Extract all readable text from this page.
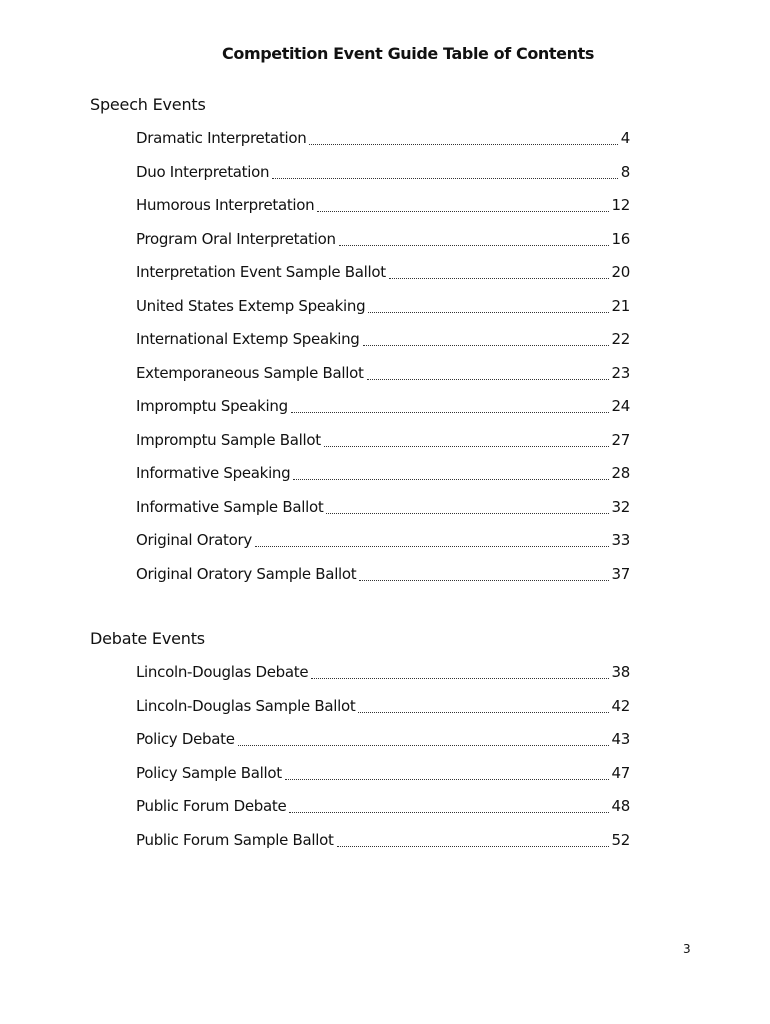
Competition Event Guide Table of Contents
Speech Events
Dramatic Interpretation	4
Duo Interpretation	8
Humorous Interpretation	12
Program Oral Interpretation	16
Interpretation Event Sample Ballot	20
United States Extemp Speaking	21
International Extemp Speaking	22
Extemporaneous Sample Ballot	23
Impromptu Speaking	24
Impromptu Sample Ballot	27
Informative Speaking	28
Informative Sample Ballot	32
Original Oratory	33
Original Oratory Sample Ballot	37
Debate Events
Lincoln-Douglas Debate	38
Lincoln-Douglas Sample Ballot	42
Policy Debate	43
Policy Sample Ballot	47
Public Forum Debate	48
Public Forum Sample Ballot	52
3
